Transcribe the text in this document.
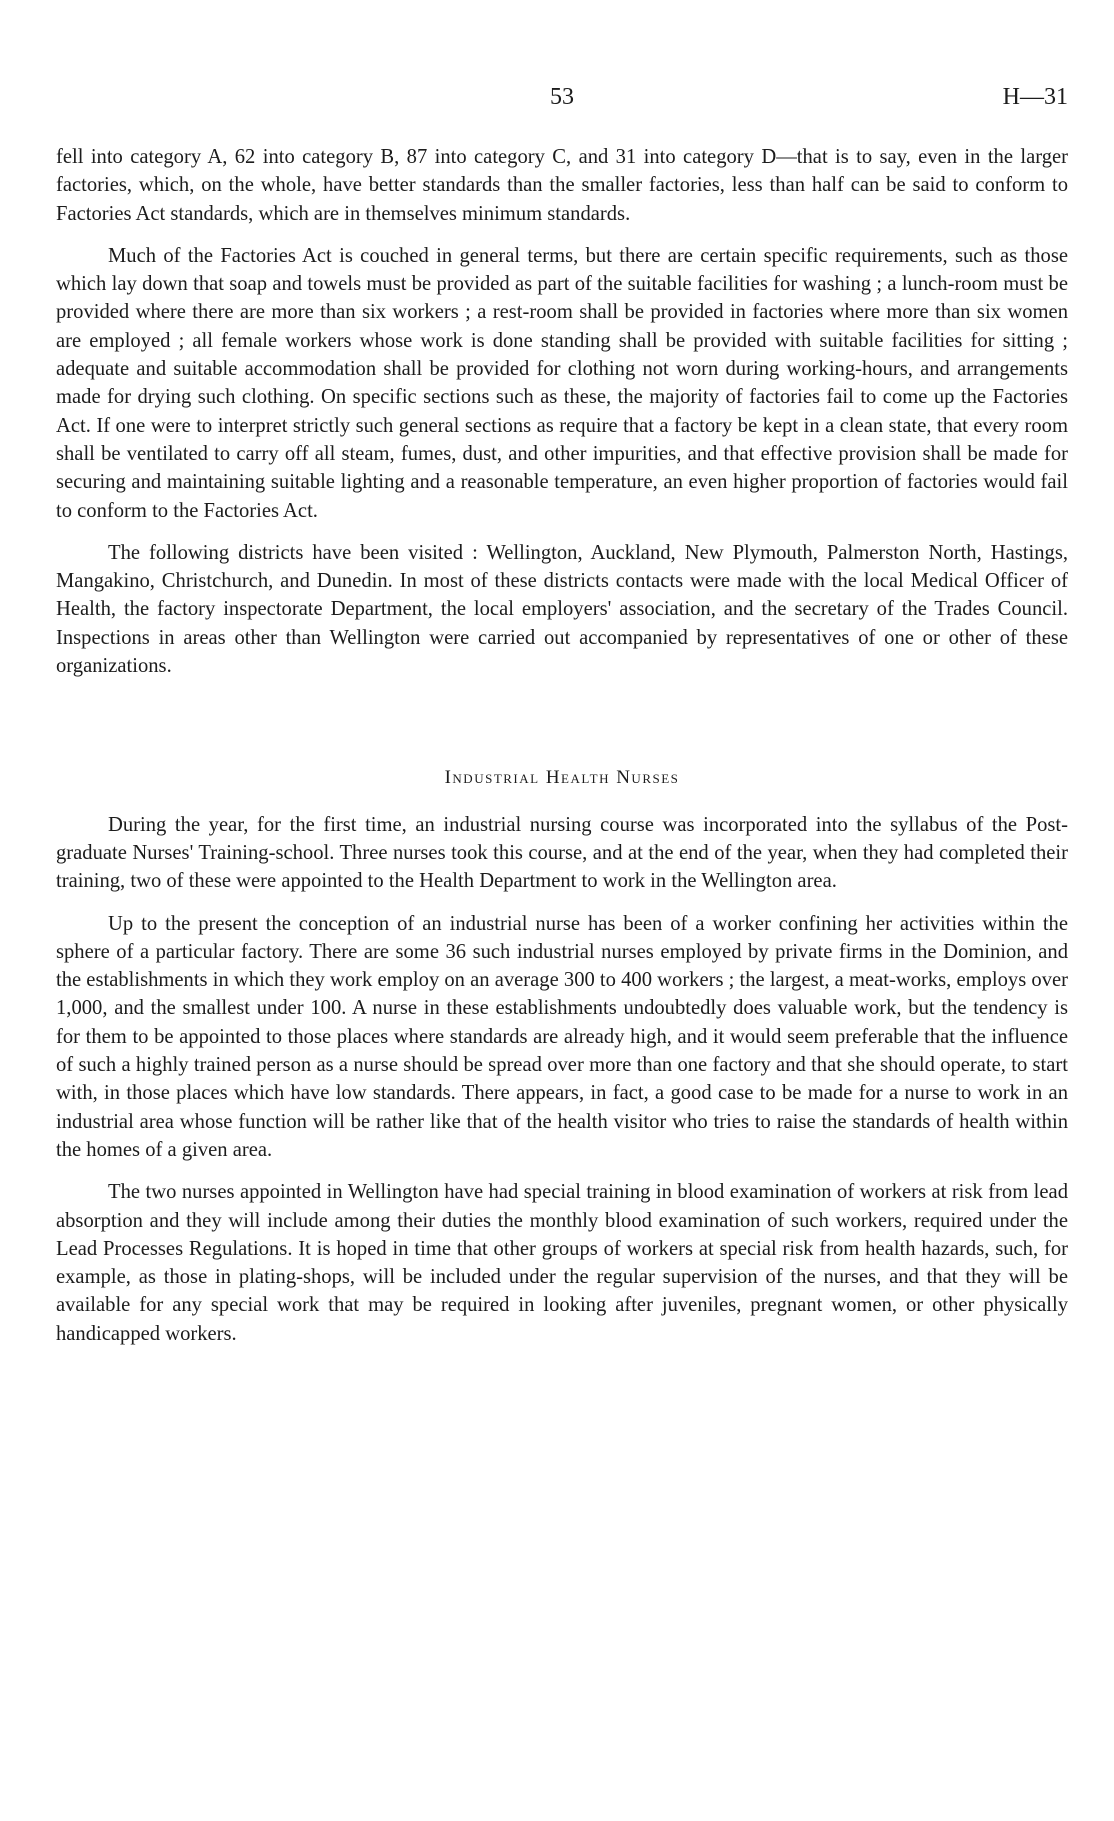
53	H—31

fell into category A, 62 into category B, 87 into category C, and 31 into category D—that is to say, even in the larger factories, which, on the whole, have better standards than the smaller factories, less than half can be said to conform to Factories Act standards, which are in themselves minimum standards.

Much of the Factories Act is couched in general terms, but there are certain specific requirements, such as those which lay down that soap and towels must be provided as part of the suitable facilities for washing ; a lunch-room must be provided where there are more than six workers ; a rest-room shall be provided in factories where more than six women are employed ; all female workers whose work is done standing shall be provided with suitable facilities for sitting ; adequate and suitable accommodation shall be provided for clothing not worn during working-hours, and arrangements made for drying such clothing. On specific sections such as these, the majority of factories fail to come up the Factories Act. If one were to interpret strictly such general sections as require that a factory be kept in a clean state, that every room shall be ventilated to carry off all steam, fumes, dust, and other impurities, and that effective provision shall be made for securing and maintaining suitable lighting and a reasonable temperature, an even higher proportion of factories would fail to conform to the Factories Act.

The following districts have been visited : Wellington, Auckland, New Plymouth, Palmerston North, Hastings, Mangakino, Christchurch, and Dunedin. In most of these districts contacts were made with the local Medical Officer of Health, the factory inspectorate Department, the local employers' association, and the secretary of the Trades Council. Inspections in areas other than Wellington were carried out accompanied by representatives of one or other of these organizations.

Industrial Health Nurses

During the year, for the first time, an industrial nursing course was incorporated into the syllabus of the Post-graduate Nurses' Training-school. Three nurses took this course, and at the end of the year, when they had completed their training, two of these were appointed to the Health Department to work in the Wellington area.

Up to the present the conception of an industrial nurse has been of a worker confining her activities within the sphere of a particular factory. There are some 36 such industrial nurses employed by private firms in the Dominion, and the establishments in which they work employ on an average 300 to 400 workers ; the largest, a meat-works, employs over 1,000, and the smallest under 100. A nurse in these establishments undoubtedly does valuable work, but the tendency is for them to be appointed to those places where standards are already high, and it would seem preferable that the influence of such a highly trained person as a nurse should be spread over more than one factory and that she should operate, to start with, in those places which have low standards. There appears, in fact, a good case to be made for a nurse to work in an industrial area whose function will be rather like that of the health visitor who tries to raise the standards of health within the homes of a given area.

The two nurses appointed in Wellington have had special training in blood examination of workers at risk from lead absorption and they will include among their duties the monthly blood examination of such workers, required under the Lead Processes Regulations. It is hoped in time that other groups of workers at special risk from health hazards, such, for example, as those in plating-shops, will be included under the regular supervision of the nurses, and that they will be available for any special work that may be required in looking after juveniles, pregnant women, or other physically handicapped workers.
